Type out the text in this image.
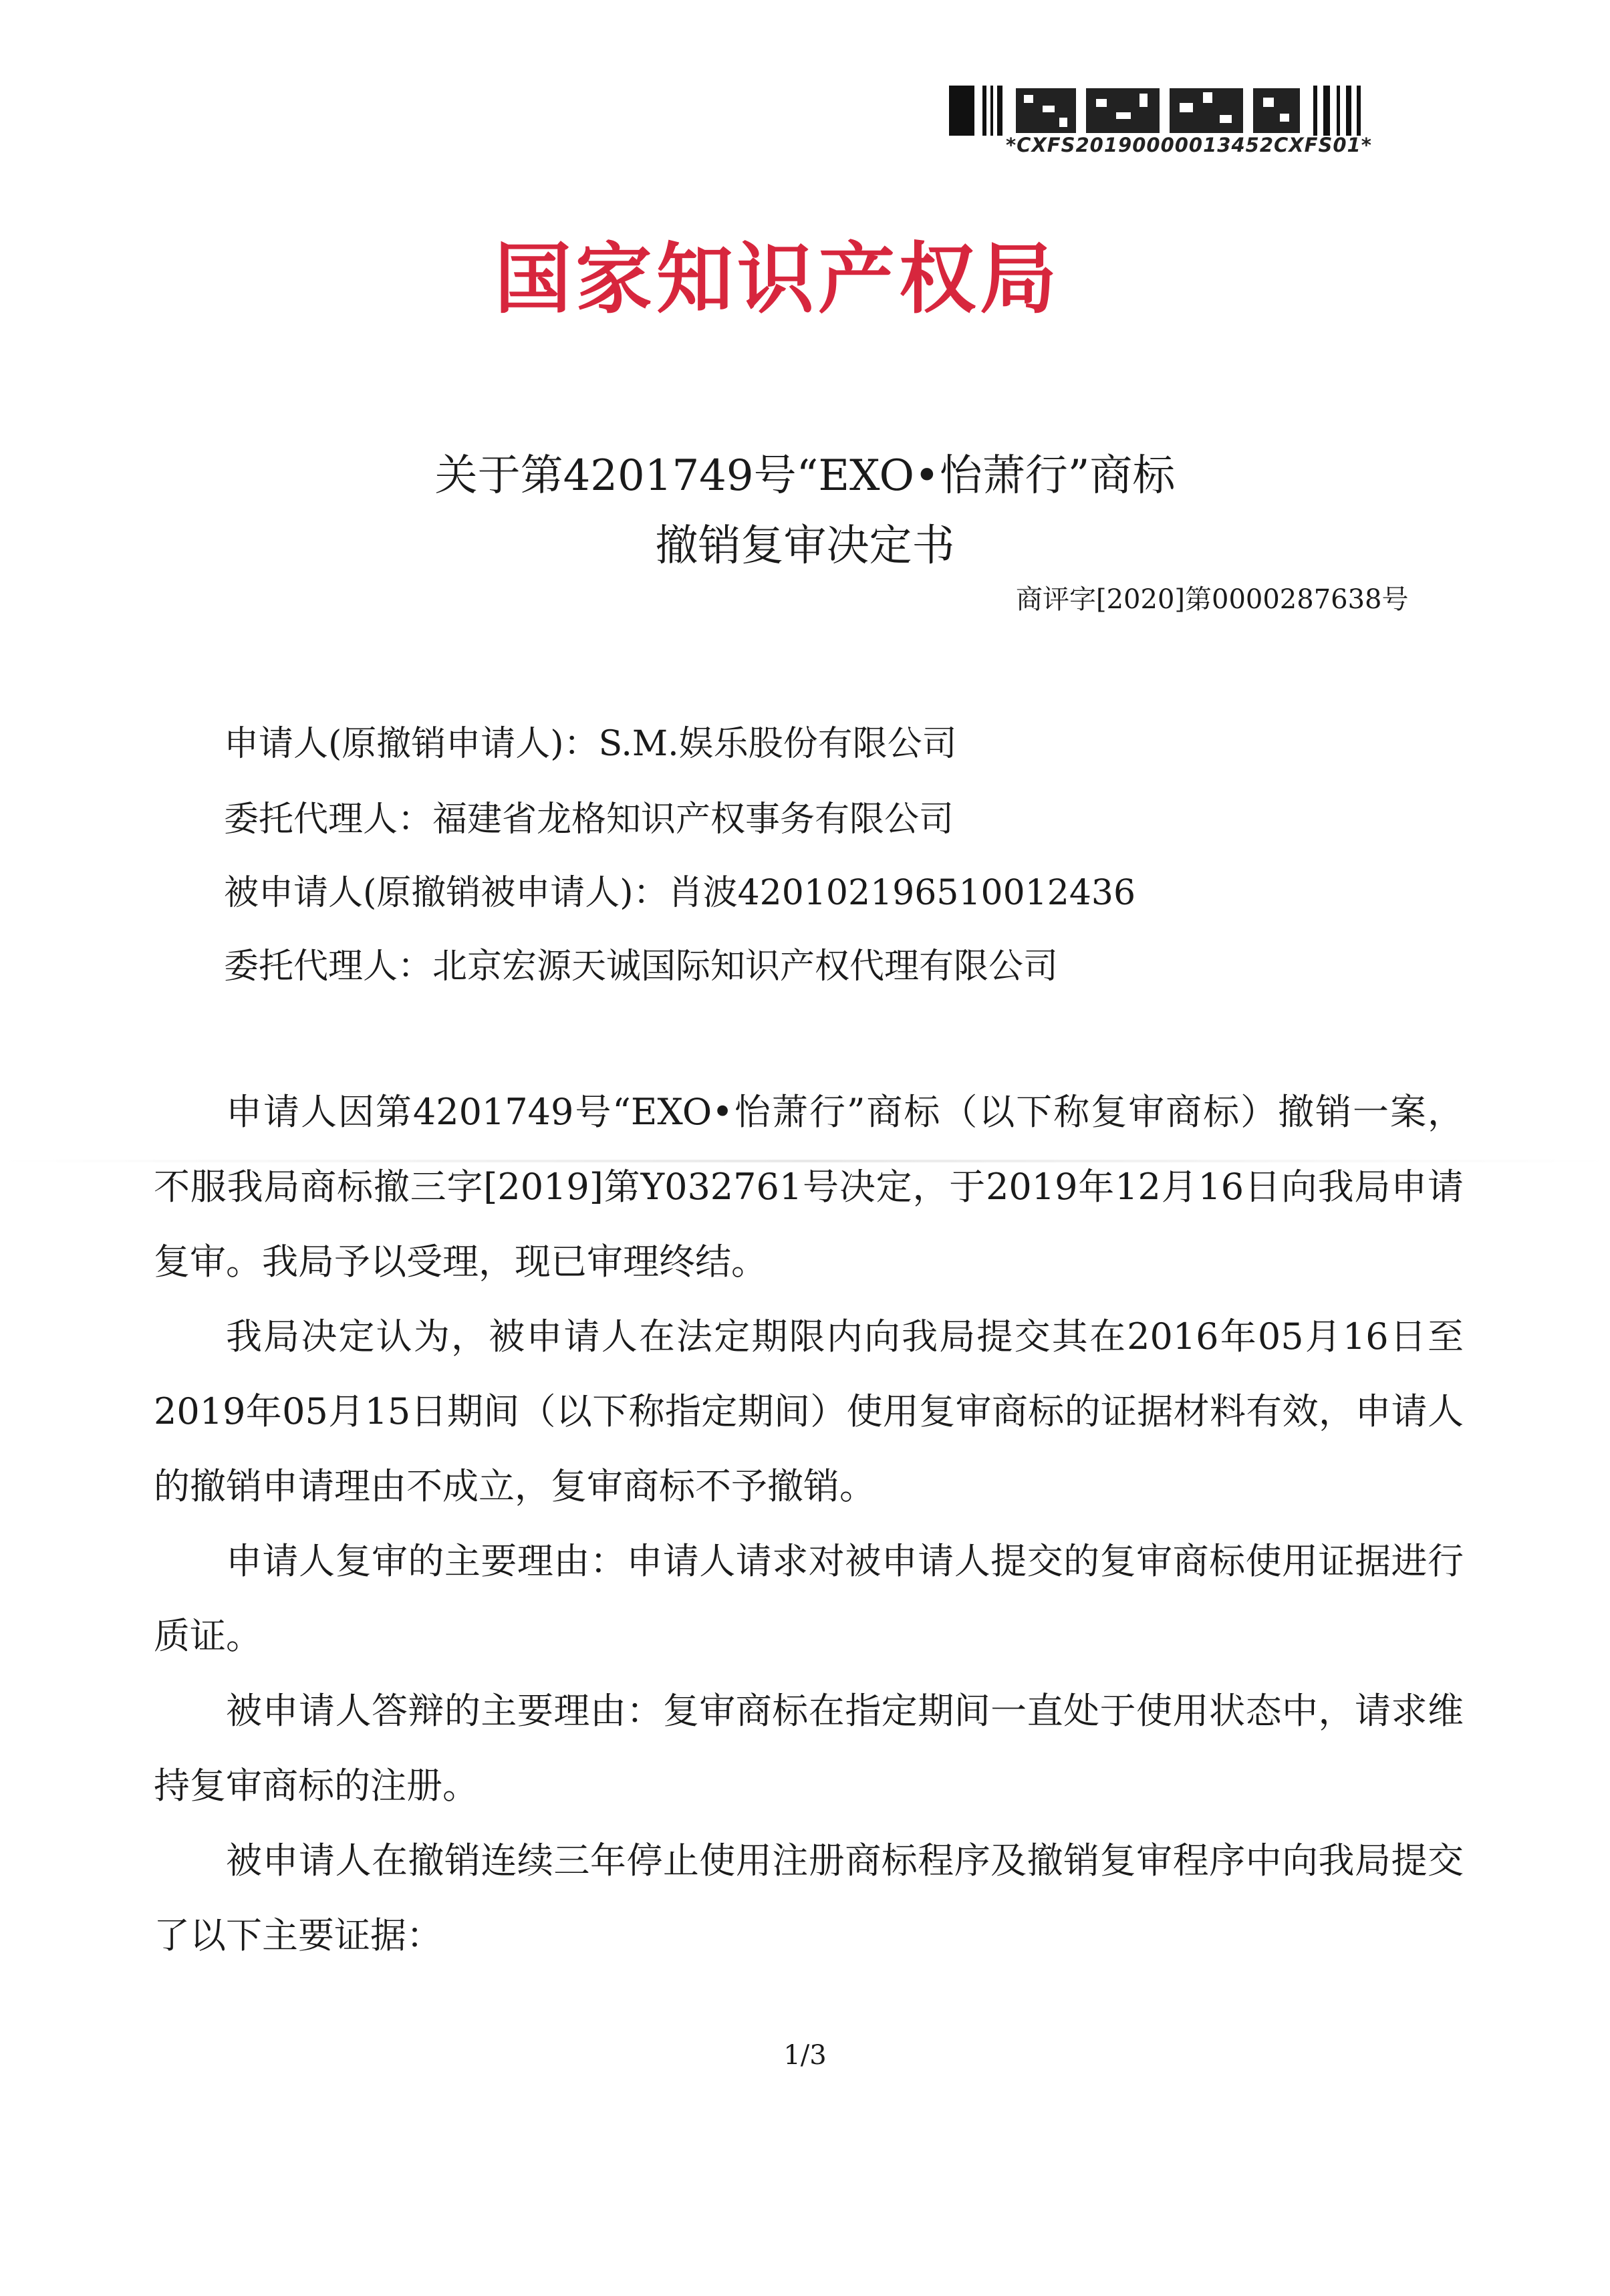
*CXFS20190000013452CXFS01*
国家知识产权局
关于第4201749号“EXO•怡萧行”商标
撤销复审决定书
商评字[2020]第0000287638号
申请人(原撤销申请人)：S.M.娱乐股份有限公司
委托代理人：福建省龙格知识产权事务有限公司
被申请人(原撤销被申请人)：肖波420102196510012436
委托代理人：北京宏源天诚国际知识产权代理有限公司

申请人因第4201749号“EXO•怡萧行”商标（以下称复审商标）撤销一案，不服我局商标撤三字[2019]第Y032761号决定，于2019年12月16日向我局申请复审。我局予以受理，现已审理终结。

我局决定认为，被申请人在法定期限内向我局提交其在2016年05月16日至2019年05月15日期间（以下称指定期间）使用复审商标的证据材料有效，申请人的撤销申请理由不成立，复审商标不予撤销。

申请人复审的主要理由：申请人请求对被申请人提交的复审商标使用证据进行质证。

被申请人答辩的主要理由：复审商标在指定期间一直处于使用状态中，请求维持复审商标的注册。

被申请人在撤销连续三年停止使用注册商标程序及撤销复审程序中向我局提交了以下主要证据：

1/3
